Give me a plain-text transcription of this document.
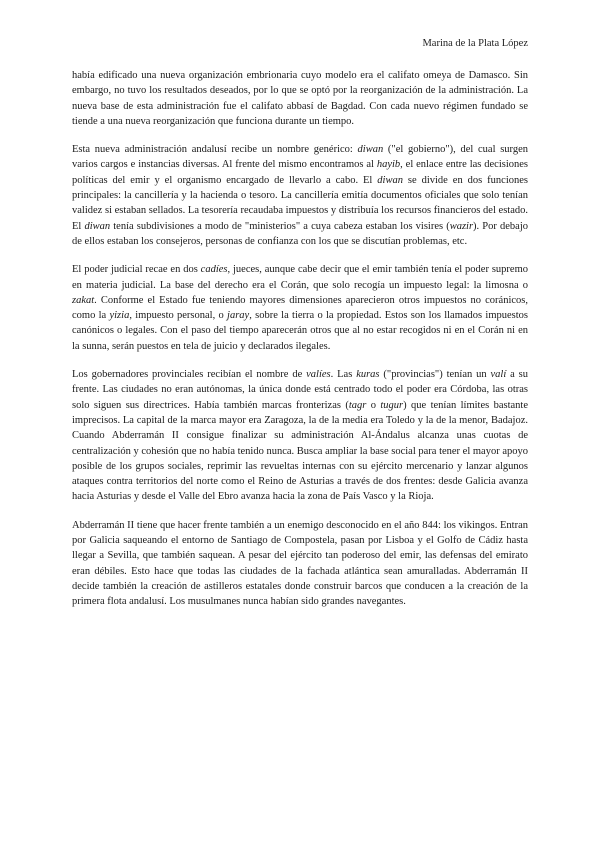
Marina de la Plata López

había edificado una nueva organización embrionaria cuyo modelo era el califato omeya de Damasco. Sin embargo, no tuvo los resultados deseados, por lo que se optó por la reorganización de la administración. La nueva base de esta administración fue el califato abbasí de Bagdad. Con cada nuevo régimen fundado se tiende a una nueva reorganización que funciona durante un tiempo.

Esta nueva administración andalusí recibe un nombre genérico: diwan ("el gobierno"), del cual surgen varios cargos e instancias diversas. Al frente del mismo encontramos al hayib, el enlace entre las decisiones políticas del emir y el organismo encargado de llevarlo a cabo. El diwan se divide en dos funciones principales: la cancillería y la hacienda o tesoro. La cancillería emitía documentos oficiales que solo tenían validez si estaban sellados. La tesorería recaudaba impuestos y distribuía los recursos financieros del estado. El diwan tenía subdivisiones a modo de "ministerios" a cuya cabeza estaban los visires (wazir). Por debajo de ellos estaban los consejeros, personas de confianza con los que se discutían problemas, etc.

El poder judicial recae en dos cadíes, jueces, aunque cabe decir que el emir también tenía el poder supremo en materia judicial. La base del derecho era el Corán, que solo recogía un impuesto legal: la limosna o zakat. Conforme el Estado fue teniendo mayores dimensiones aparecieron otros impuestos no coránicos, como la yizia, impuesto personal, o jaray, sobre la tierra o la propiedad. Estos son los llamados impuestos canónicos o legales. Con el paso del tiempo aparecerán otros que al no estar recogidos ni en el Corán ni en la sunna, serán puestos en tela de juicio y declarados ilegales.

Los gobernadores provinciales recibían el nombre de valíes. Las kuras ("provincias") tenían un valí a su frente. Las ciudades no eran autónomas, la única donde está centrado todo el poder era Córdoba, las otras solo siguen sus directrices. Había también marcas fronterizas (tagr o tugur) que tenían límites bastante imprecisos. La capital de la marca mayor era Zaragoza, la de la media era Toledo y la de la menor, Badajoz. Cuando Abderramán II consigue finalizar su administración Al-Ándalus alcanza unas cuotas de centralización y cohesión que no había tenido nunca. Busca ampliar la base social para tener el mayor apoyo posible de los grupos sociales, reprimir las revueltas internas con su ejército mercenario y lanzar algunos ataques contra territorios del norte como el Reino de Asturias a través de dos frentes: desde Galicia avanza hacia Asturias y desde el Valle del Ebro avanza hacia la zona de País Vasco y la Rioja.

Abderramán II tiene que hacer frente también a un enemigo desconocido en el año 844: los vikingos. Entran por Galicia saqueando el entorno de Santiago de Compostela, pasan por Lisboa y el Golfo de Cádiz hasta llegar a Sevilla, que también saquean. A pesar del ejército tan poderoso del emir, las defensas del emirato eran débiles. Esto hace que todas las ciudades de la fachada atlántica sean amuralladas. Abderramán II decide también la creación de astilleros estatales donde construir barcos que conducen a la creación de la primera flota andalusí. Los musulmanes nunca habían sido grandes navegantes.
